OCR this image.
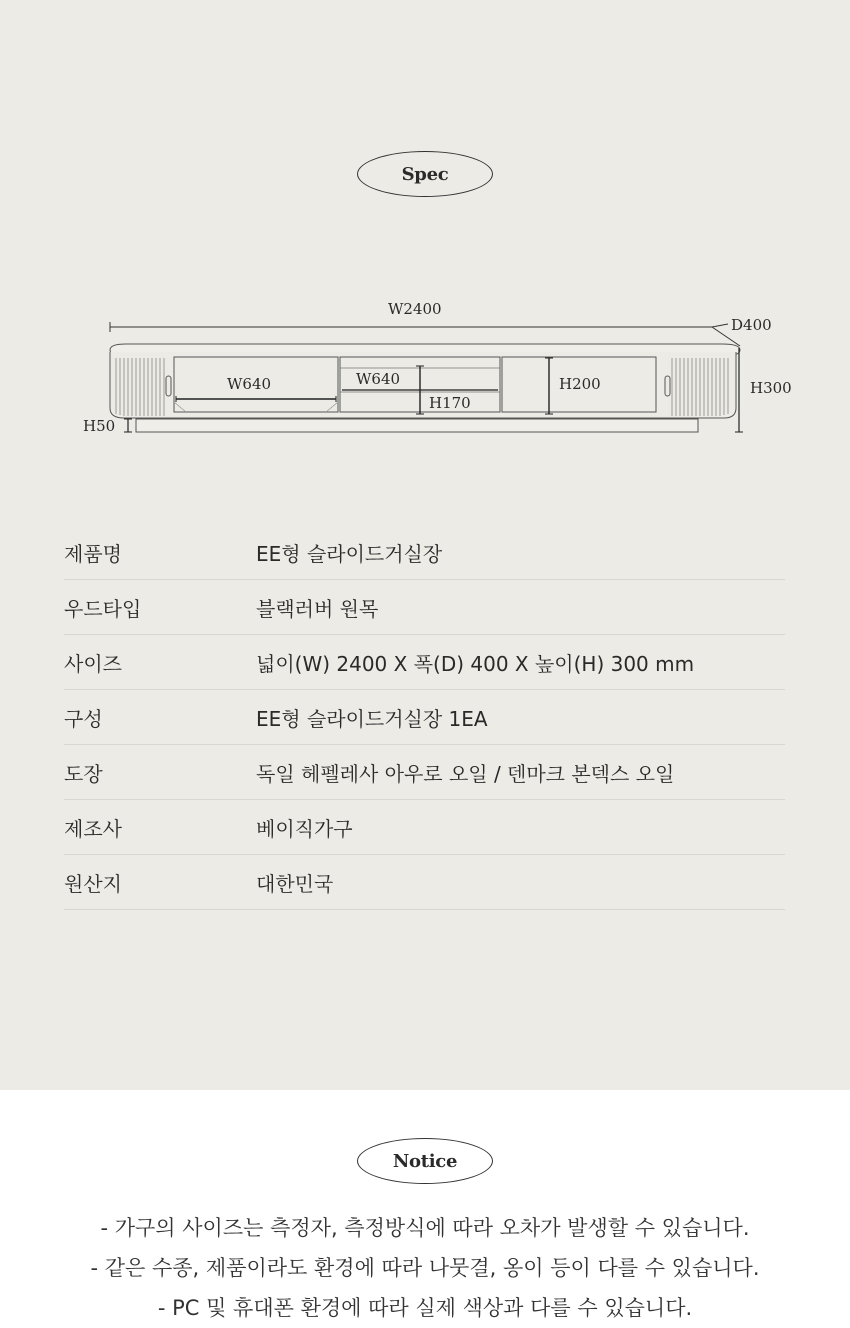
Spec
W2400
D400
H300
W640	W640
H170
H200
H50
제품명	EE형 슬라이드거실장
우드타입	블랙러버 원목
사이즈	넓이(W) 2400 X 폭(D) 400 X 높이(H) 300 mm
구성	EE형 슬라이드거실장 1EA
도장	독일 헤펠레사 아우로 오일 / 덴마크 본덱스 오일
제조사	베이직가구
원산지	대한민국
Notice
- 가구의 사이즈는 측정자, 측정방식에 따라 오차가 발생할 수 있습니다.
- 같은 수종, 제품이라도 환경에 따라 나뭇결, 옹이 등이 다를 수 있습니다.
- PC 및 휴대폰 환경에 따라 실제 색상과 다를 수 있습니다.
